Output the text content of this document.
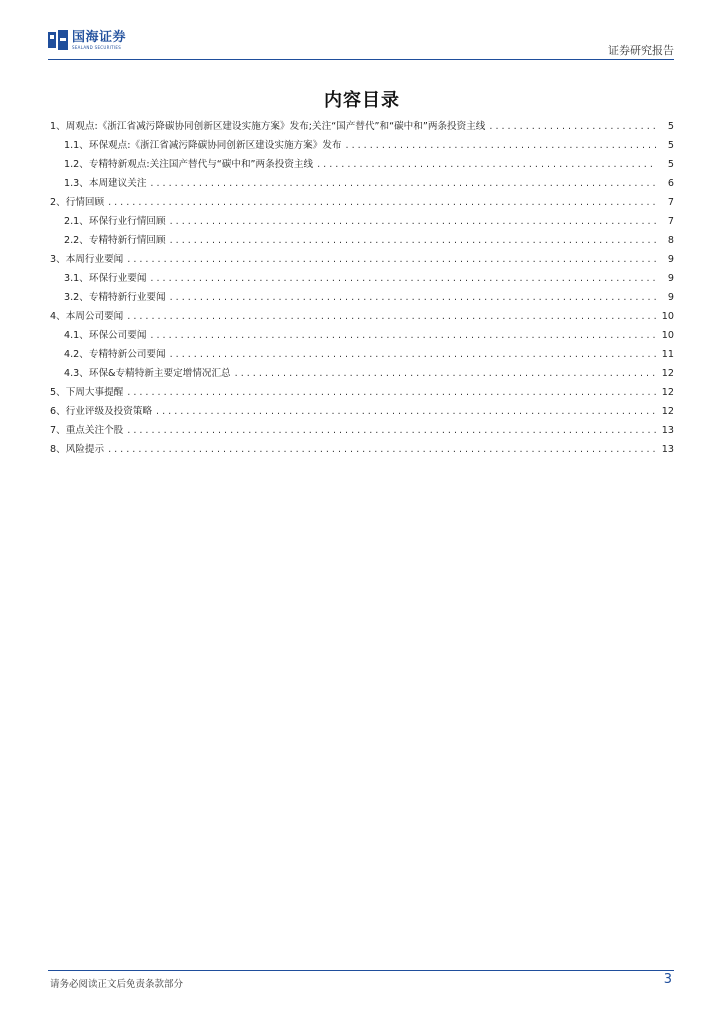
国海证券
SEALAND SECURITIES	证券研究报告
内容目录
1、 周观点:《浙江省减污降碳协同创新区建设实施方案》发布;关注“国产替代”和“碳中和”两条投资主线 .....	5
1.1、 环保观点:《浙江省减污降碳协同创新区建设实施方案》发布 .....	5
1.2、 专精特新观点:关注国产替代与“碳中和”两条投资主线 .....	5
1.3、 本周建议关注 .....	6
2、 行情回顾 .....	7
2.1、 环保行业行情回顾 .....	7
2.2、 专精特新行情回顾 .....	8
3、 本周行业要闻 .....	9
3.1、 环保行业要闻 .....	9
3.2、 专精特新行业要闻 .....	9
4、 本周公司要闻 .....	10
4.1、 环保公司要闻 .....	10
4.2、 专精特新公司要闻 .....	11
4.3、 环保&专精特新主要定增情况汇总 .....	12
5、 下周大事提醒 .....	12
6、 行业评级及投资策略 .....	12
7、 重点关注个股 .....	13
8、 风险提示 .....	13
请务必阅读正文后免责条款部分	3
